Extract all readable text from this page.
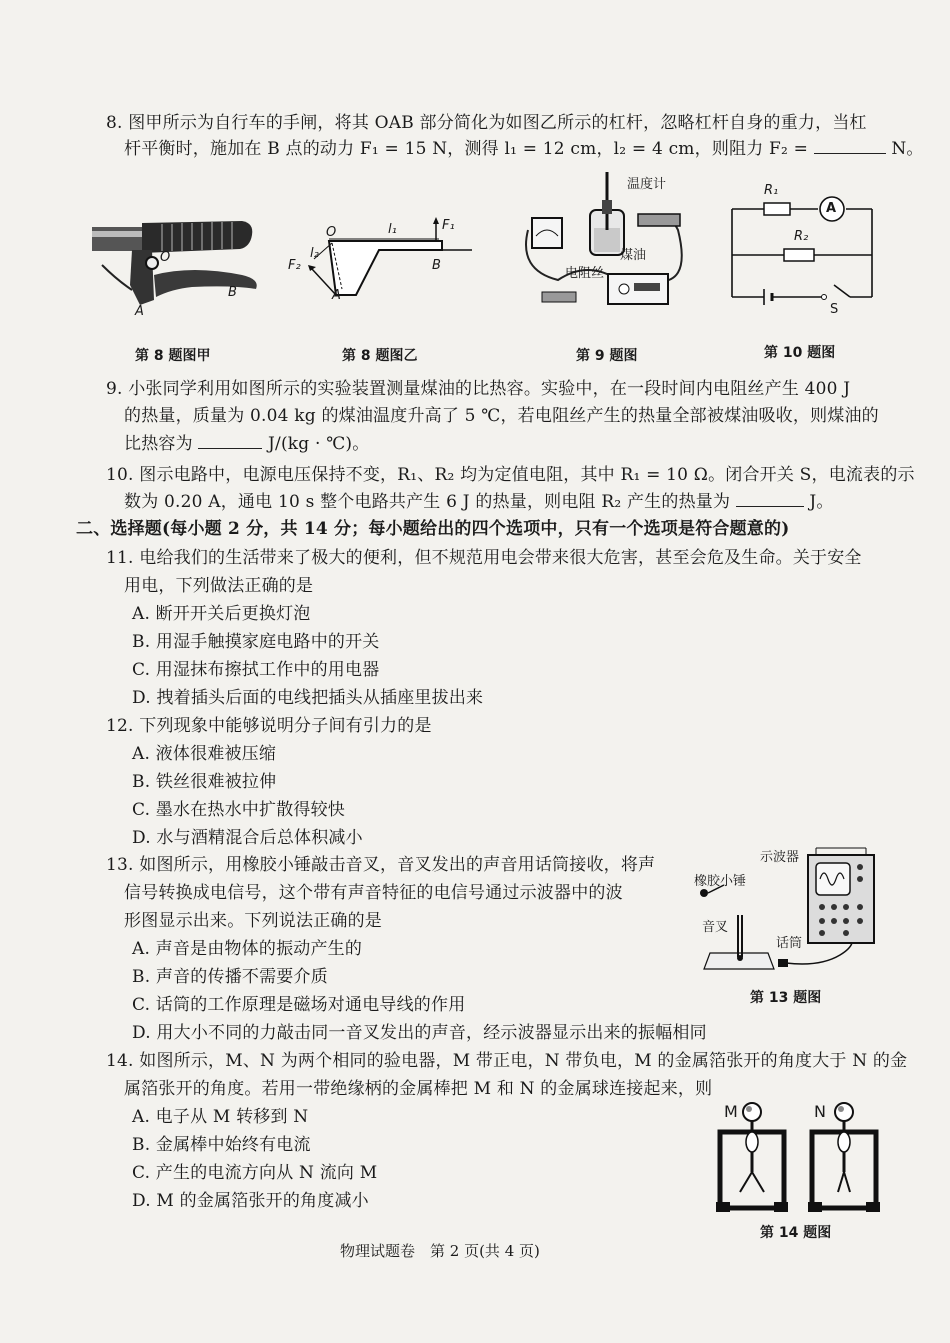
8. 图甲所示为自行车的手闸，将其 OAB 部分简化为如图乙所示的杠杆，忽略杠杆自身的重力，当杠
杆平衡时，施加在 B 点的动力 F₁ = 15 N，测得 l₁ = 12 cm，l₂ = 4 cm，则阻力 F₂ =	N。
O
B
A
第 8 题图甲
O	l₁	F₁
l₂
F₂	B
A
第 8 题图乙
温度计
煤油
电阻丝
第 9 题图
R₁
A
R₂
S
第 10 题图
9. 小张同学利用如图所示的实验装置测量煤油的比热容。实验中，在一段时间内电阻丝产生 400 J
的热量，质量为 0.04 kg 的煤油温度升高了 5 ℃，若电阻丝产生的热量全部被煤油吸收，则煤油的
比热容为	J/(kg · ℃)。
10. 图示电路中，电源电压保持不变，R₁、R₂ 均为定值电阻，其中 R₁ = 10 Ω。闭合开关 S，电流表的示
数为 0.20 A，通电 10 s 整个电路共产生 6 J 的热量，则电阻 R₂ 产生的热量为	J。
二、选择题(每小题 2 分，共 14 分；每小题给出的四个选项中，只有一个选项是符合题意的)
11. 电给我们的生活带来了极大的便利，但不规范用电会带来很大危害，甚至会危及生命。关于安全
用电，下列做法正确的是
A. 断开开关后更换灯泡
B. 用湿手触摸家庭电路中的开关
C. 用湿抹布擦拭工作中的用电器
D. 拽着插头后面的电线把插头从插座里拔出来
12. 下列现象中能够说明分子间有引力的是
A. 液体很难被压缩
B. 铁丝很难被拉伸
C. 墨水在热水中扩散得较快
D. 水与酒精混合后总体积减小
13. 如图所示，用橡胶小锤敲击音叉，音叉发出的声音用话筒接收，将声
信号转换成电信号，这个带有声音特征的电信号通过示波器中的波
形图显示出来。下列说法正确的是
A. 声音是由物体的振动产生的
B. 声音的传播不需要介质
C. 话筒的工作原理是磁场对通电导线的作用
D. 用大小不同的力敲击同一音叉发出的声音，经示波器显示出来的振幅相同
示波器
橡胶小锤
音叉
话筒
第 13 题图
14. 如图所示，M、N 为两个相同的验电器，M 带正电，N 带负电，M 的金属箔张开的角度大于 N 的金
属箔张开的角度。若用一带绝缘柄的金属棒把 M 和 N 的金属球连接起来，则
A. 电子从 M 转移到 N
B. 金属棒中始终有电流
C. 产生的电流方向从 N 流向 M
D. M 的金属箔张开的角度减小
M	N
第 14 题图
物理试题卷　第 2 页(共 4 页)
